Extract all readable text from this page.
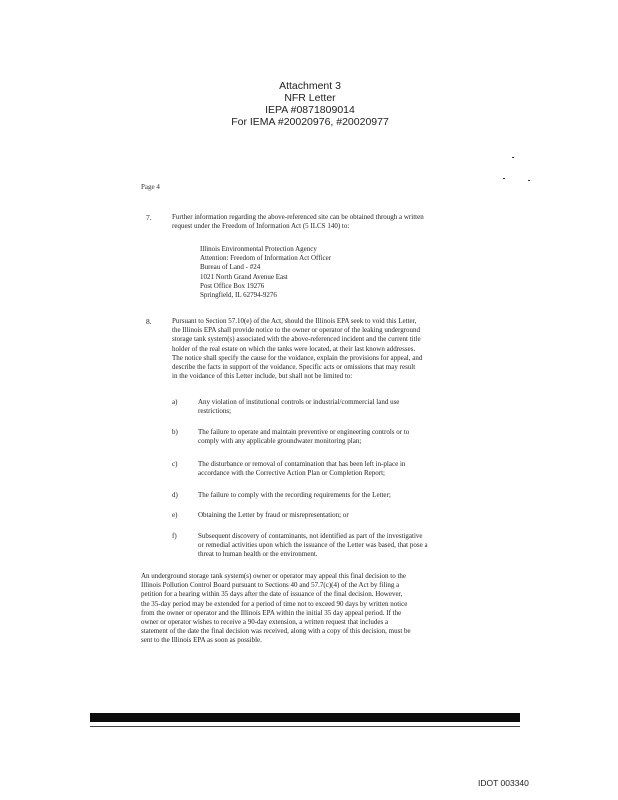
Attachment 3
NFR Letter
IEPA #0871809014
For IEMA #20020976, #20020977
Page 4
7.	Further information regarding the above-referenced site can be obtained through a written
request under the Freedom of Information Act (5 ILCS 140) to:
Illinois Environmental Protection Agency
Attention: Freedom of Information Act Officer
Bureau of Land - #24
1021 North Grand Avenue East
Post Office Box 19276
Springfield, IL 62794-9276
8.	Pursuant to Section 57.10(e) of the Act, should the Illinois EPA seek to void this Letter,
the Illinois EPA shall provide notice to the owner or operator of the leaking underground
storage tank system(s) associated with the above-referenced incident and the current title
holder of the real estate on which the tanks were located, at their last known addresses.
The notice shall specify the cause for the voidance, explain the provisions for appeal, and
describe the facts in support of the voidance. Specific acts or omissions that may result
in the voidance of this Letter include, but shall not be limited to:
a)	Any violation of institutional controls or industrial/commercial land use
restrictions;
b)	The failure to operate and maintain preventive or engineering controls or to
comply with any applicable groundwater monitoring plan;
c)	The disturbance or removal of contamination that has been left in-place in
accordance with the Corrective Action Plan or Completion Report;
d)	The failure to comply with the recording requirements for the Letter;
e)	Obtaining the Letter by fraud or misrepresentation; or
f)	Subsequent discovery of contaminants, not identified as part of the investigative
or remedial activities upon which the issuance of the Letter was based, that pose a
threat to human health or the environment.
An underground storage tank system(s) owner or operator may appeal this final decision to the
Illinois Pollution Control Board pursuant to Sections 40 and 57.7(c)(4) of the Act by filing a
petition for a hearing within 35 days after the date of issuance of the final decision. However,
the 35-day period may be extended for a period of time not to exceed 90 days by written notice
from the owner or operator and the Illinois EPA within the initial 35 day appeal period. If the
owner or operator wishes to receive a 90-day extension, a written request that includes a
statement of the date the final decision was received, along with a copy of this decision, must be
sent to the Illinois EPA as soon as possible.
IDOT 003340
